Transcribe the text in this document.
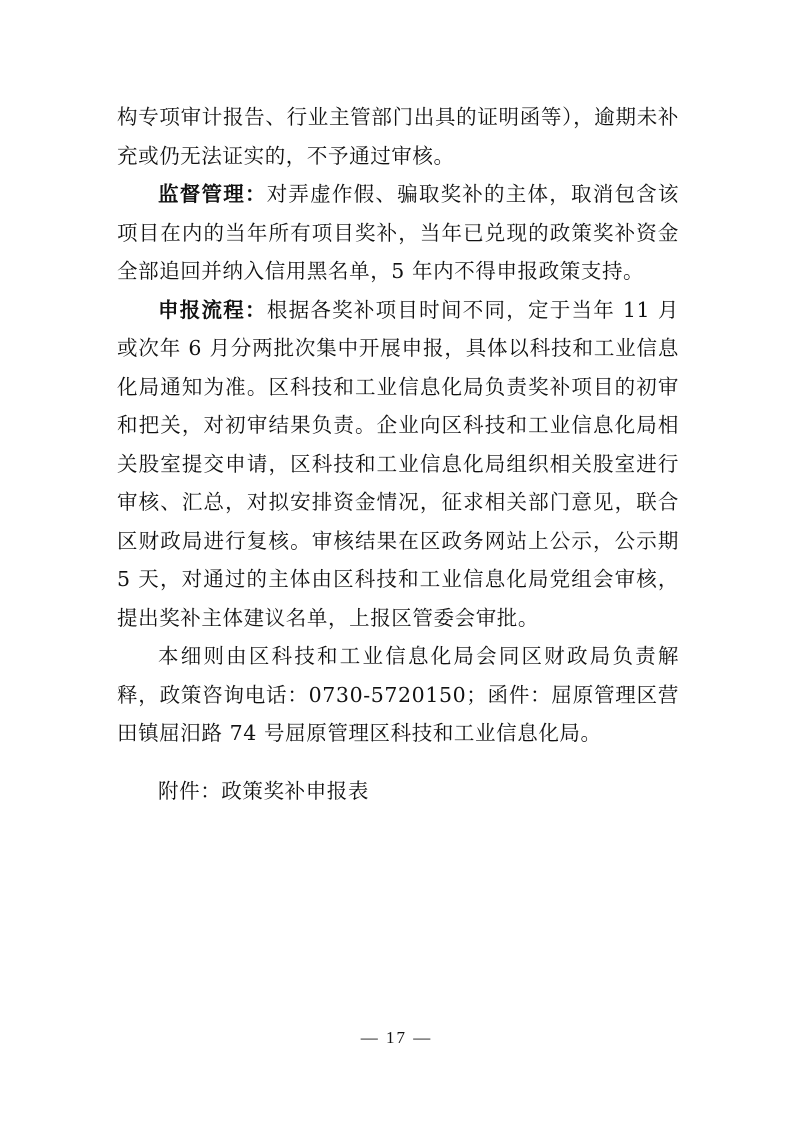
构专项审计报告、行业主管部门出具的证明函等），逾期未补充或仍无法证实的，不予通过审核。

监督管理：对弄虚作假、骗取奖补的主体，取消包含该项目在内的当年所有项目奖补，当年已兑现的政策奖补资金全部追回并纳入信用黑名单，5 年内不得申报政策支持。

申报流程：根据各奖补项目时间不同，定于当年 11 月或次年 6 月分两批次集中开展申报，具体以科技和工业信息化局通知为准。区科技和工业信息化局负责奖补项目的初审和把关，对初审结果负责。企业向区科技和工业信息化局相关股室提交申请，区科技和工业信息化局组织相关股室进行审核、汇总，对拟安排资金情况，征求相关部门意见，联合区财政局进行复核。审核结果在区政务网站上公示，公示期5 天，对通过的主体由区科技和工业信息化局党组会审核，提出奖补主体建议名单，上报区管委会审批。

本细则由区科技和工业信息化局会同区财政局负责解释，政策咨询电话：0730-5720150；函件：屈原管理区营田镇屈汨路 74 号屈原管理区科技和工业信息化局。

附件：政策奖补申报表

— 17 —
